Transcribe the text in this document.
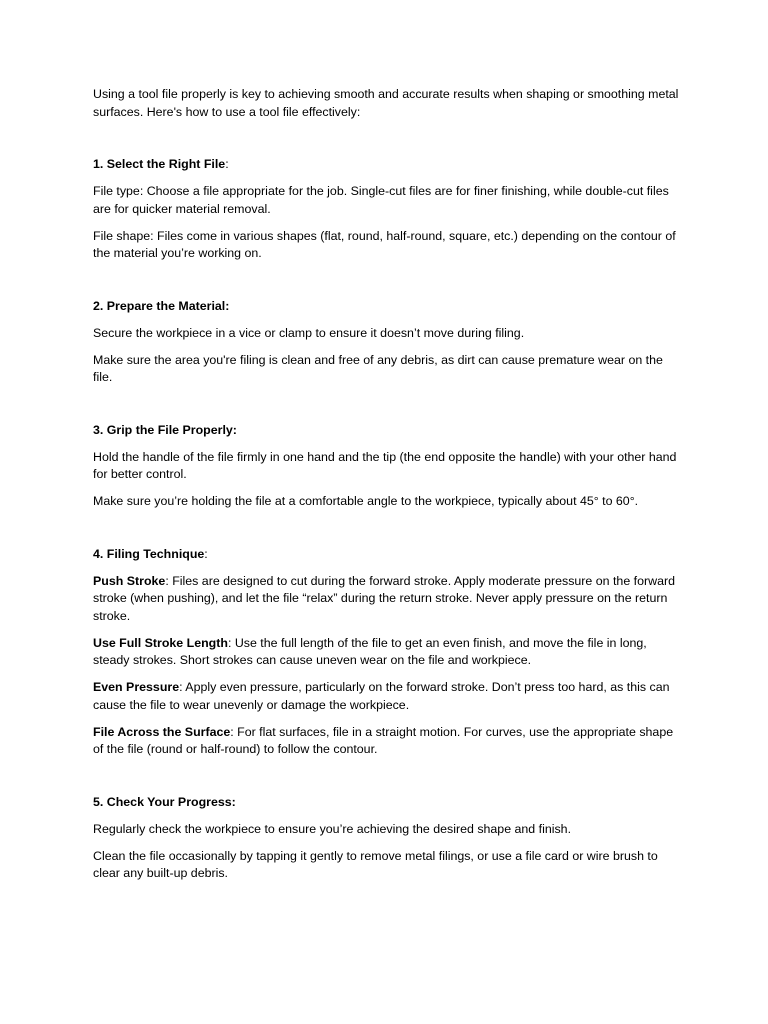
Using a tool file properly is key to achieving smooth and accurate results when shaping or smoothing metal surfaces. Here's how to use a tool file effectively:

1. Select the Right File:

File type: Choose a file appropriate for the job. Single-cut files are for finer finishing, while double-cut files are for quicker material removal.

File shape: Files come in various shapes (flat, round, half-round, square, etc.) depending on the contour of the material you’re working on.

2. Prepare the Material:

Secure the workpiece in a vice or clamp to ensure it doesn’t move during filing.

Make sure the area you're filing is clean and free of any debris, as dirt can cause premature wear on the file.

3. Grip the File Properly:

Hold the handle of the file firmly in one hand and the tip (the end opposite the handle) with your other hand for better control.

Make sure you’re holding the file at a comfortable angle to the workpiece, typically about 45° to 60°.

4. Filing Technique:

Push Stroke: Files are designed to cut during the forward stroke. Apply moderate pressure on the forward stroke (when pushing), and let the file “relax” during the return stroke. Never apply pressure on the return stroke.

Use Full Stroke Length: Use the full length of the file to get an even finish, and move the file in long, steady strokes. Short strokes can cause uneven wear on the file and workpiece.

Even Pressure: Apply even pressure, particularly on the forward stroke. Don’t press too hard, as this can cause the file to wear unevenly or damage the workpiece.

File Across the Surface: For flat surfaces, file in a straight motion. For curves, use the appropriate shape of the file (round or half-round) to follow the contour.

5. Check Your Progress:

Regularly check the workpiece to ensure you’re achieving the desired shape and finish.

Clean the file occasionally by tapping it gently to remove metal filings, or use a file card or wire brush to clear any built-up debris.
